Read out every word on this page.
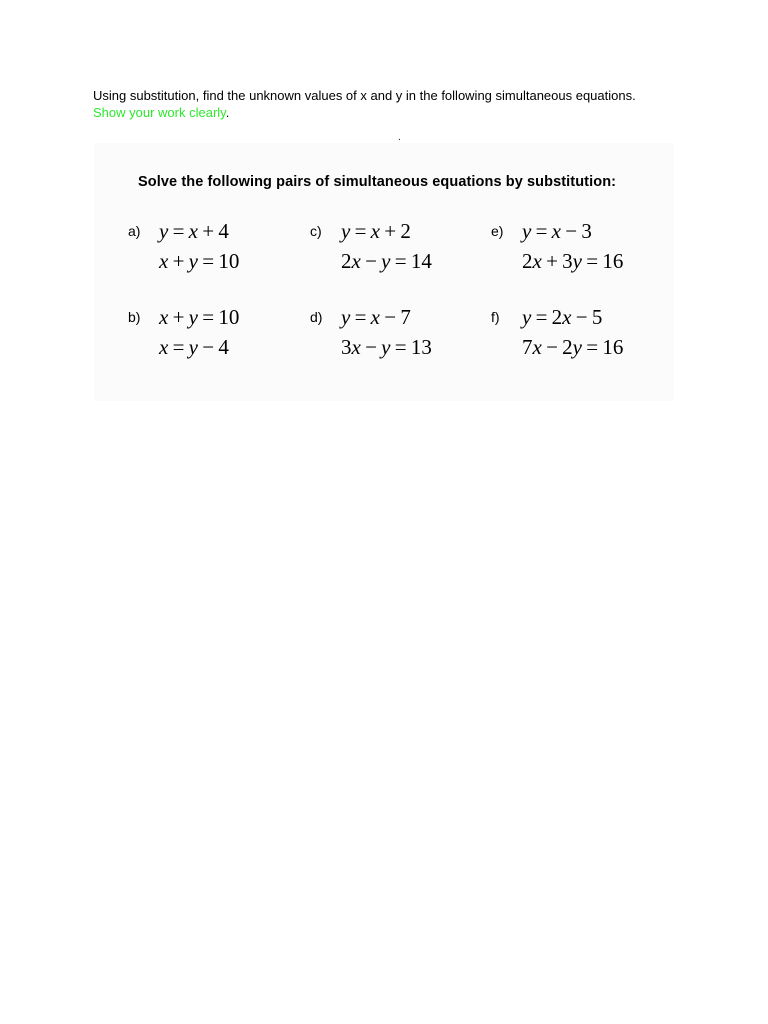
Using substitution, find the unknown values of x and y in the following simultaneous equations. Show your work clearly.
.
Solve the following pairs of simultaneous equations by substitution:
a) y = x + 4
x + y = 10
b) x + y = 10
x = y − 4
c) y = x + 2
2x − y = 14
d) y = x − 7
3x − y = 13
e) y = x − 3
2x + 3y = 16
f) y = 2x − 5
7x − 2y = 16
